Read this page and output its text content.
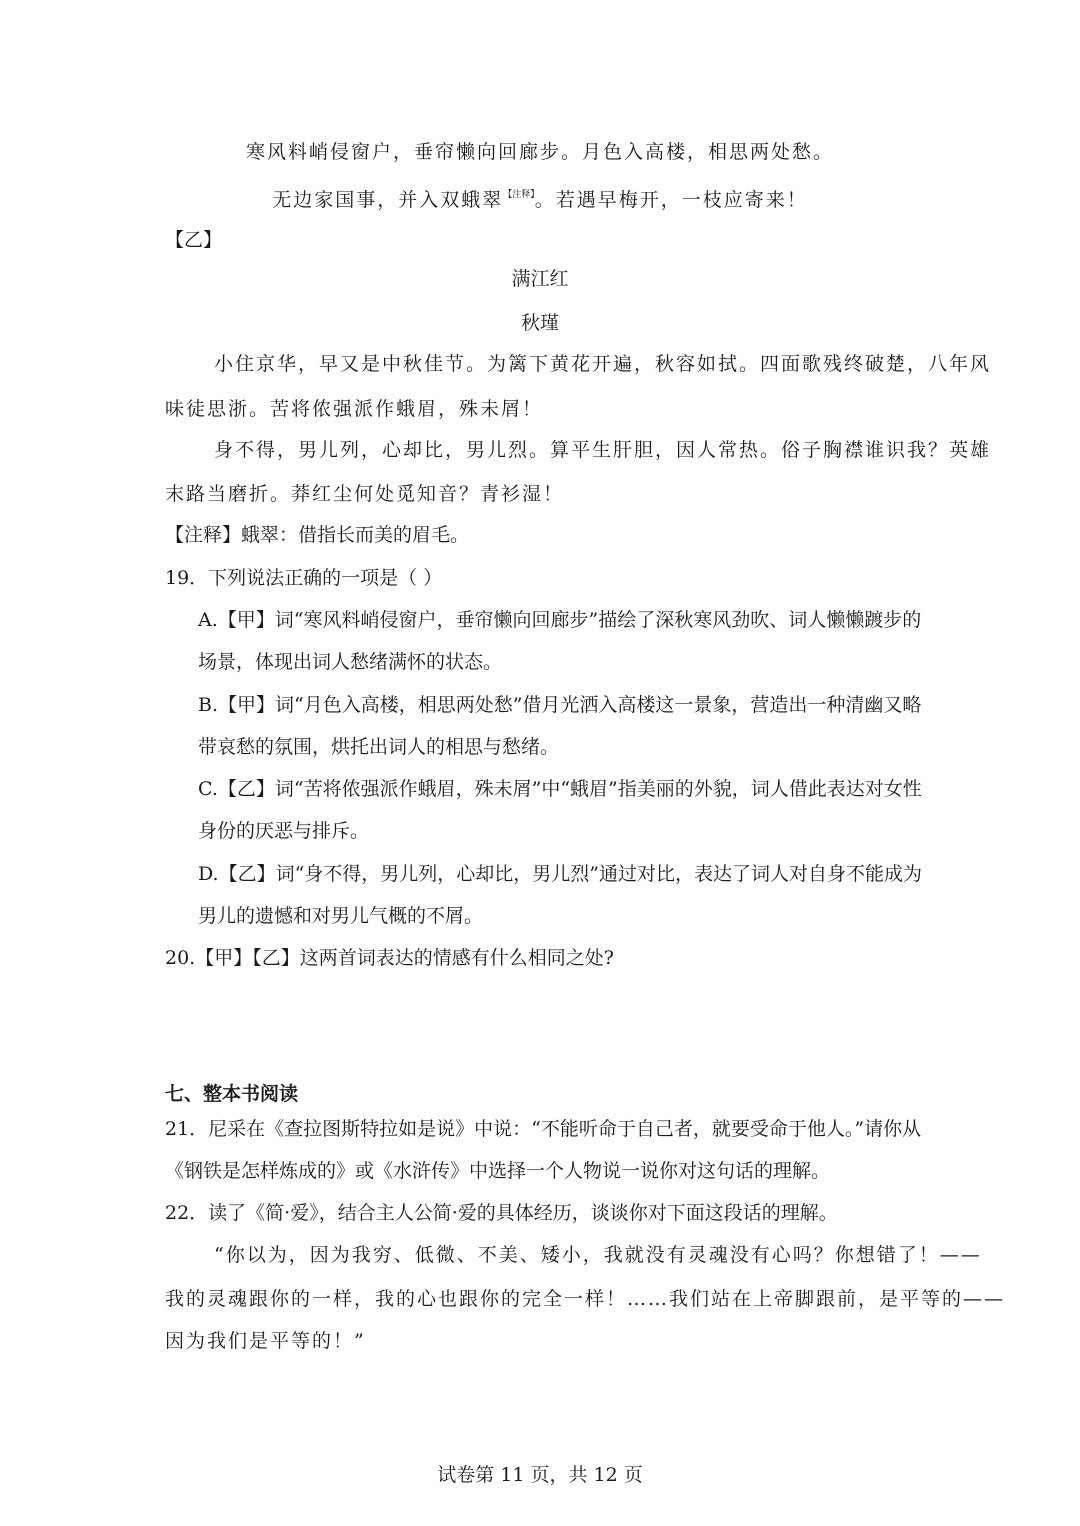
寒风料峭侵窗户，垂帘懒向回廊步。月色入高楼，相思两处愁。

无边家国事，并入双蛾翠$^{【注释】}$。若遇早梅开，一枝应寄来！

【乙】

满江红

秋瑾

小住京华，早又是中秋佳节。为篱下黄花开遍，秋容如拭。四面歌残终破楚，八年风

味徒思浙。苦将侬强派作蛾眉，殊未屑！

身不得，男儿列，心却比，男儿烈。算平生肝胆，因人常热。俗子胸襟谁识我？英雄

末路当磨折。莽红尘何处觅知音？青衫湿！

【注释】蛾翠：借指长而美的眉毛。

19．下列说法正确的一项是（ ）

A.【甲】词“寒风料峭侵窗户，垂帘懒向回廊步”描绘了深秋寒风劲吹、词人懒懒踱步的

场景，体现出词人愁绪满怀的状态。

B.【甲】词“月色入高楼，相思两处愁”借月光洒入高楼这一景象，营造出一种清幽又略

带哀愁的氛围，烘托出词人的相思与愁绪。

C.【乙】词“苦将侬强派作蛾眉，殊未屑”中“蛾眉”指美丽的外貌，词人借此表达对女性

身份的厌恶与排斥。

D.【乙】词“身不得，男儿列，心却比，男儿烈”通过对比，表达了词人对自身不能成为

男儿的遗憾和对男儿气概的不屑。

20.【甲】【乙】这两首词表达的情感有什么相同之处?

七、整本书阅读

21．尼采在《查拉图斯特拉如是说》中说：“不能听命于自己者，就要受命于他人。”请你从

《钢铁是怎样炼成的》或《水浒传》中选择一个人物说一说你对这句话的理解。

22．读了《简·爱》，结合主人公简·爱的具体经历，谈谈你对下面这段话的理解。

“你以为，因为我穷、低微、不美、矮小，我就没有灵魂没有心吗？你想错了！——

我的灵魂跟你的一样，我的心也跟你的完全一样！……我们站在上帝脚跟前，是平等的——

因为我们是平等的！”

试卷第 11 页，共 12 页
